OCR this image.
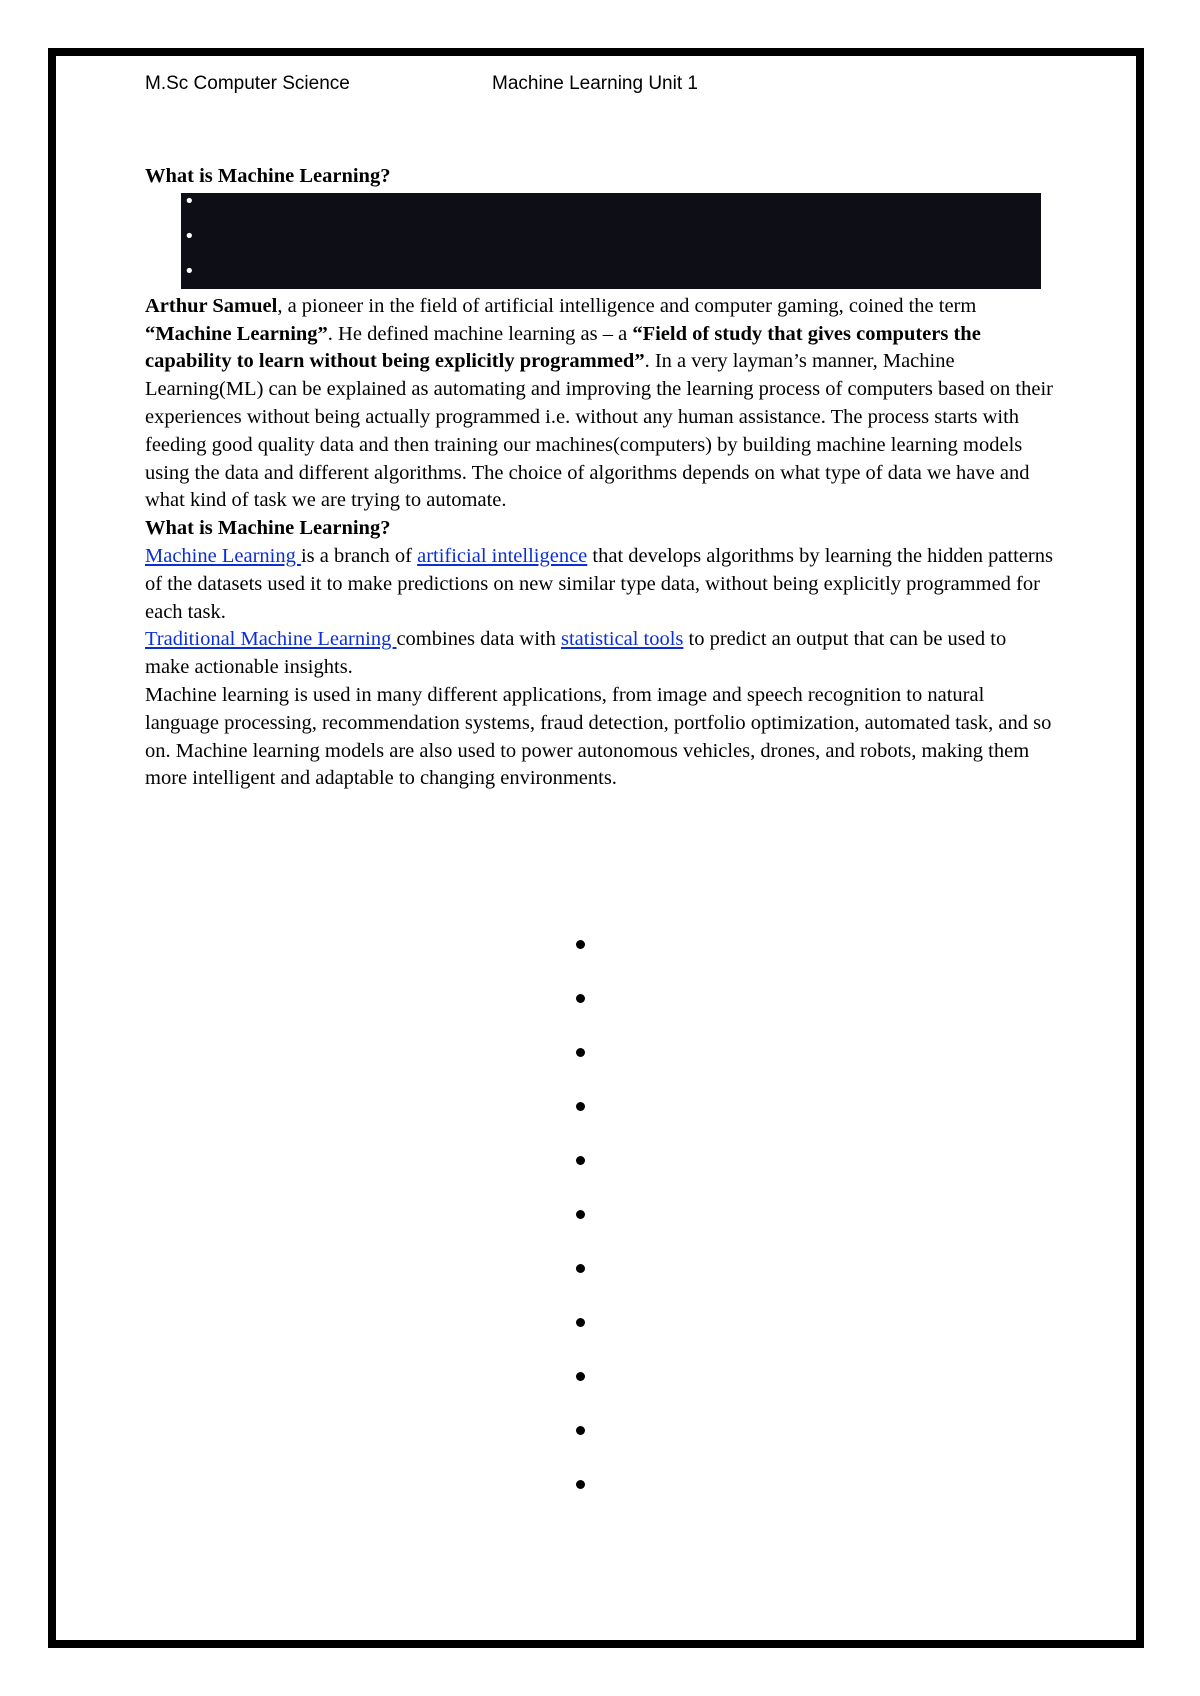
M.Sc Computer Science	Machine Learning Unit 1

What is Machine Learning?

•
•
•

Arthur Samuel, a pioneer in the field of artificial intelligence and computer gaming, coined the term “Machine Learning”. He defined machine learning as – a “Field of study that gives computers the capability to learn without being explicitly programmed”. In a very layman’s manner, Machine Learning(ML) can be explained as automating and improving the learning process of computers based on their experiences without being actually programmed i.e. without any human assistance. The process starts with feeding good quality data and then training our machines(computers) by building machine learning models using the data and different algorithms. The choice of algorithms depends on what type of data we have and what kind of task we are trying to automate.

What is Machine Learning?

Machine Learning is a branch of artificial intelligence that develops algorithms by learning the hidden patterns of the datasets used it to make predictions on new similar type data, without being explicitly programmed for each task.

Traditional Machine Learning combines data with statistical tools to predict an output that can be used to make actionable insights.

Machine learning is used in many different applications, from image and speech recognition to natural language processing, recommendation systems, fraud detection, portfolio optimization, automated task, and so on. Machine learning models are also used to power autonomous vehicles, drones, and robots, making them more intelligent and adaptable to changing environments.
